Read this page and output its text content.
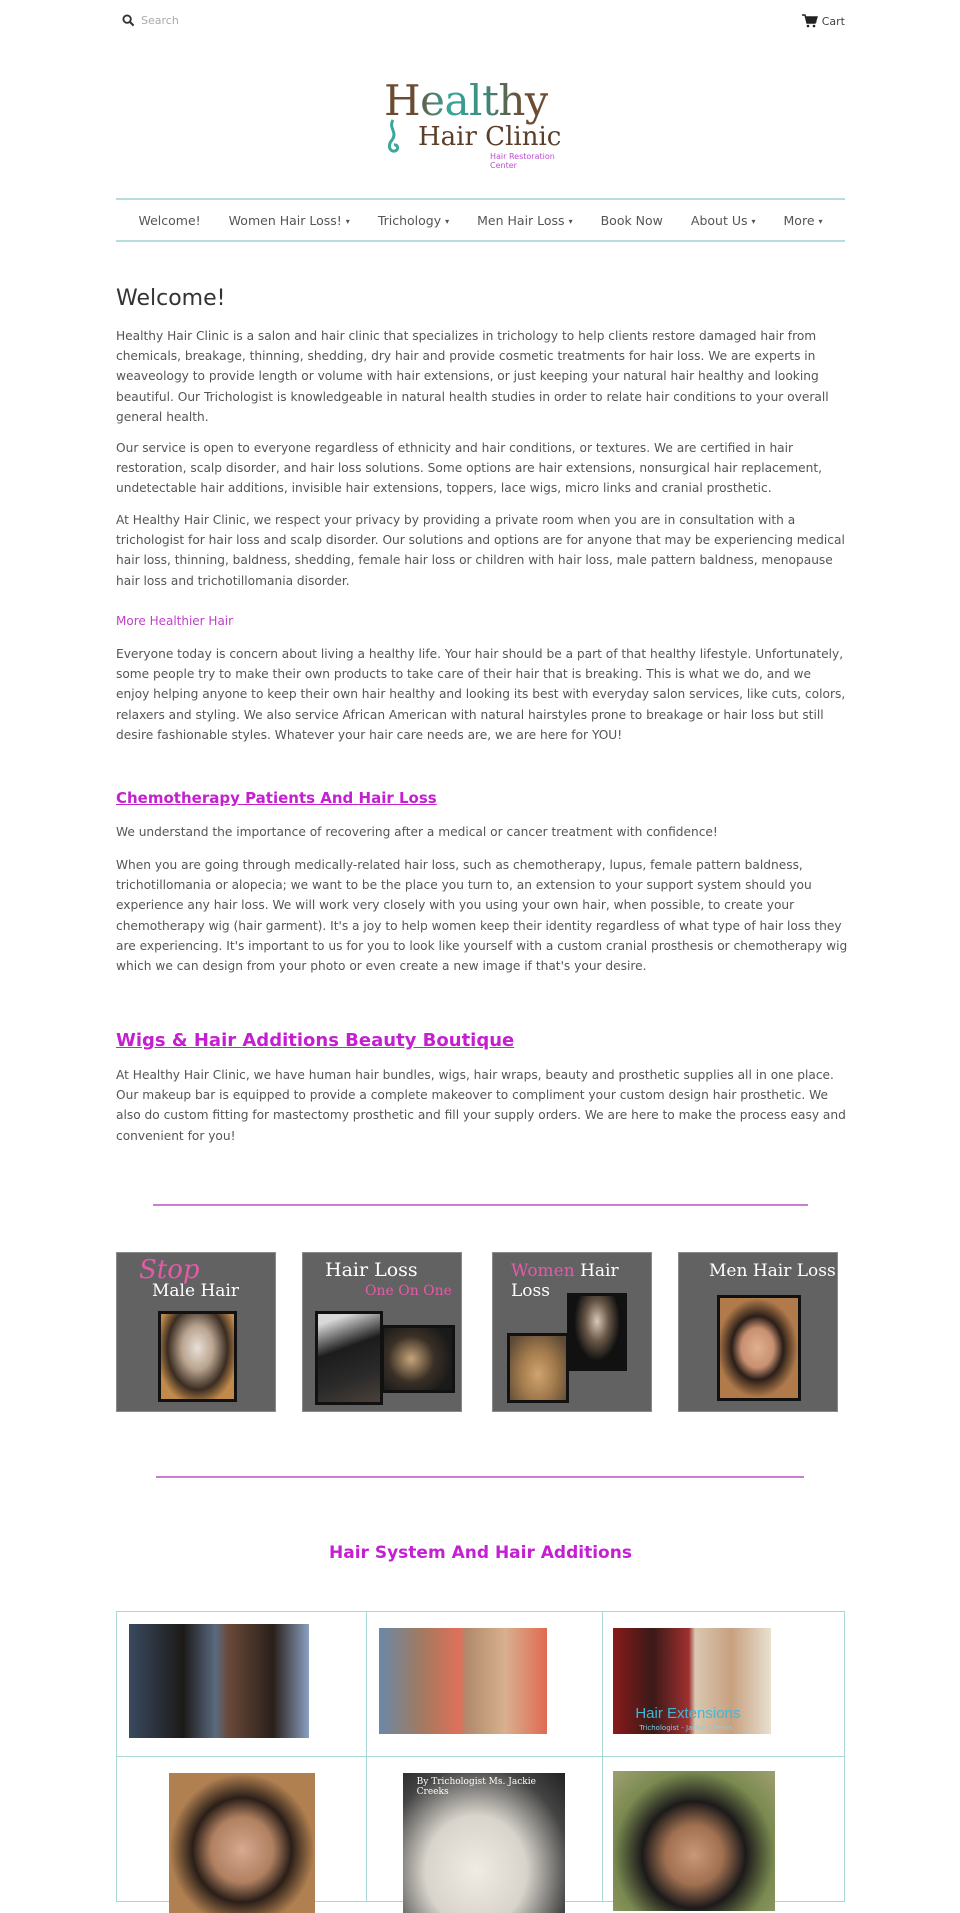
Search
Cart
Healthy
Hair Clinic
Hair Restoration Center
Welcome!	Women Hair Loss! ▾	Trichology ▾	Men Hair Loss ▾	Book Now	About Us ▾	More ▾
Welcome!

Healthy Hair Clinic is a salon and hair clinic that specializes in trichology to help clients restore damaged hair from chemicals, breakage, thinning, shedding, dry hair and provide cosmetic treatments for hair loss. We are experts in weaveology to provide length or volume with hair extensions, or just keeping your natural hair healthy and looking beautiful. Our Trichologist is knowledgeable in natural health studies in order to relate hair conditions to your overall general health.

Our service is open to everyone regardless of ethnicity and hair conditions, or textures. We are certified in hair restoration, scalp disorder, and hair loss solutions. Some options are hair extensions, nonsurgical hair replacement, undetectable hair additions, invisible hair extensions, toppers, lace wigs, micro links and cranial prosthetic.

At Healthy Hair Clinic, we respect your privacy by providing a private room when you are in consultation with a trichologist for hair loss and scalp disorder. Our solutions and options are for anyone that may be experiencing medical hair loss, thinning, baldness, shedding, female hair loss or children with hair loss, male pattern baldness, menopause hair loss and trichotillomania disorder.

More Healthier Hair

Everyone today is concern about living a healthy life. Your hair should be a part of that healthy lifestyle. Unfortunately, some people try to make their own products to take care of their hair that is breaking. This is what we do, and we enjoy helping anyone to keep their own hair healthy and looking its best with everyday salon services, like cuts, colors, relaxers and styling. We also service African American with natural hairstyles prone to breakage or hair loss but still desire fashionable styles. Whatever your hair care needs are, we are here for YOU!

Chemotherapy Patients And Hair Loss

We understand the importance of recovering after a medical or cancer treatment with confidence!

When you are going through medically-related hair loss, such as chemotherapy, lupus, female pattern baldness, trichotillomania or alopecia; we want to be the place you turn to, an extension to your support system should you experience any hair loss. We will work very closely with you using your own hair, when possible, to create your chemotherapy wig (hair garment). It's a joy to help women keep their identity regardless of what type of hair loss they are experiencing. It's important to us for you to look like yourself with a custom cranial prosthesis or chemotherapy wig which we can design from your photo or even create a new image if that's your desire.

Wigs & Hair Additions Beauty Boutique

At Healthy Hair Clinic, we have human hair bundles, wigs, hair wraps, beauty and prosthetic supplies all in one place. Our makeup bar is equipped to provide a complete makeover to compliment your custom design hair prosthetic. We also do custom fitting for mastectomy prosthetic and fill your supply orders. We are here to make the process easy and convenient for you!

Stop
Male Hair
Hair Loss
One On One
Women Hair Loss
Men Hair Loss
Hair System And Hair Additions

		Hair Extensions
Trichologist - Jackie Creeks

	By Trichologist Ms. Jackie Creeks	
